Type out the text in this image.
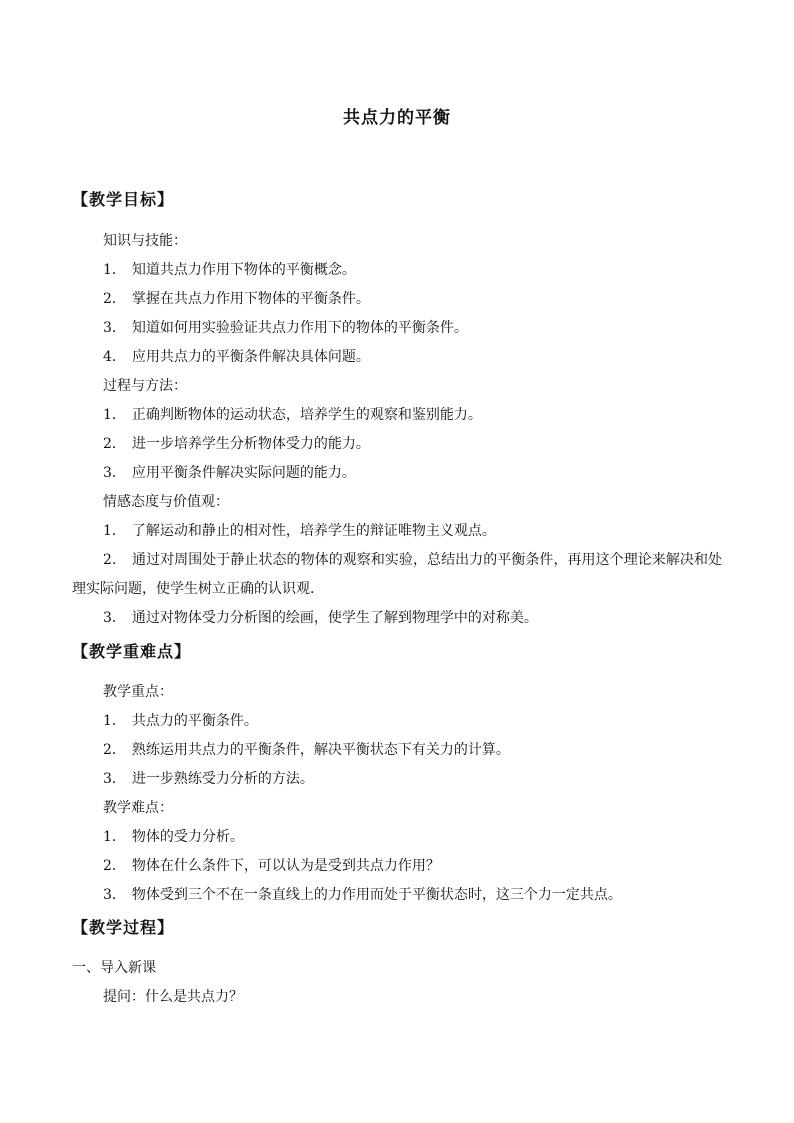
共点力的平衡
【教学目标】
知识与技能：
1． 知道共点力作用下物体的平衡概念。
2． 掌握在共点力作用下物体的平衡条件。
3． 知道如何用实验验证共点力作用下的物体的平衡条件。
4． 应用共点力的平衡条件解决具体问题。
过程与方法：
1． 正确判断物体的运动状态，培养学生的观察和鉴别能力。
2． 进一步培养学生分析物体受力的能力。
3． 应用平衡条件解决实际问题的能力。
情感态度与价值观：
1． 了解运动和静止的相对性，培养学生的辩证唯物主义观点。
2． 通过对周围处于静止状态的物体的观察和实验，总结出力的平衡条件，再用这个理论来解决和处理实际问题，使学生树立正确的认识观.
3． 通过对物体受力分析图的绘画，使学生了解到物理学中的对称美。
【教学重难点】
教学重点：
1． 共点力的平衡条件。
2． 熟练运用共点力的平衡条件，解决平衡状态下有关力的计算。
3． 进一步熟练受力分析的方法。
教学难点：
1． 物体的受力分析。
2． 物体在什么条件下，可以认为是受到共点力作用？
3． 物体受到三个不在一条直线上的力作用而处于平衡状态时，这三个力一定共点。
【教学过程】
一、导入新课
提问：什么是共点力？
